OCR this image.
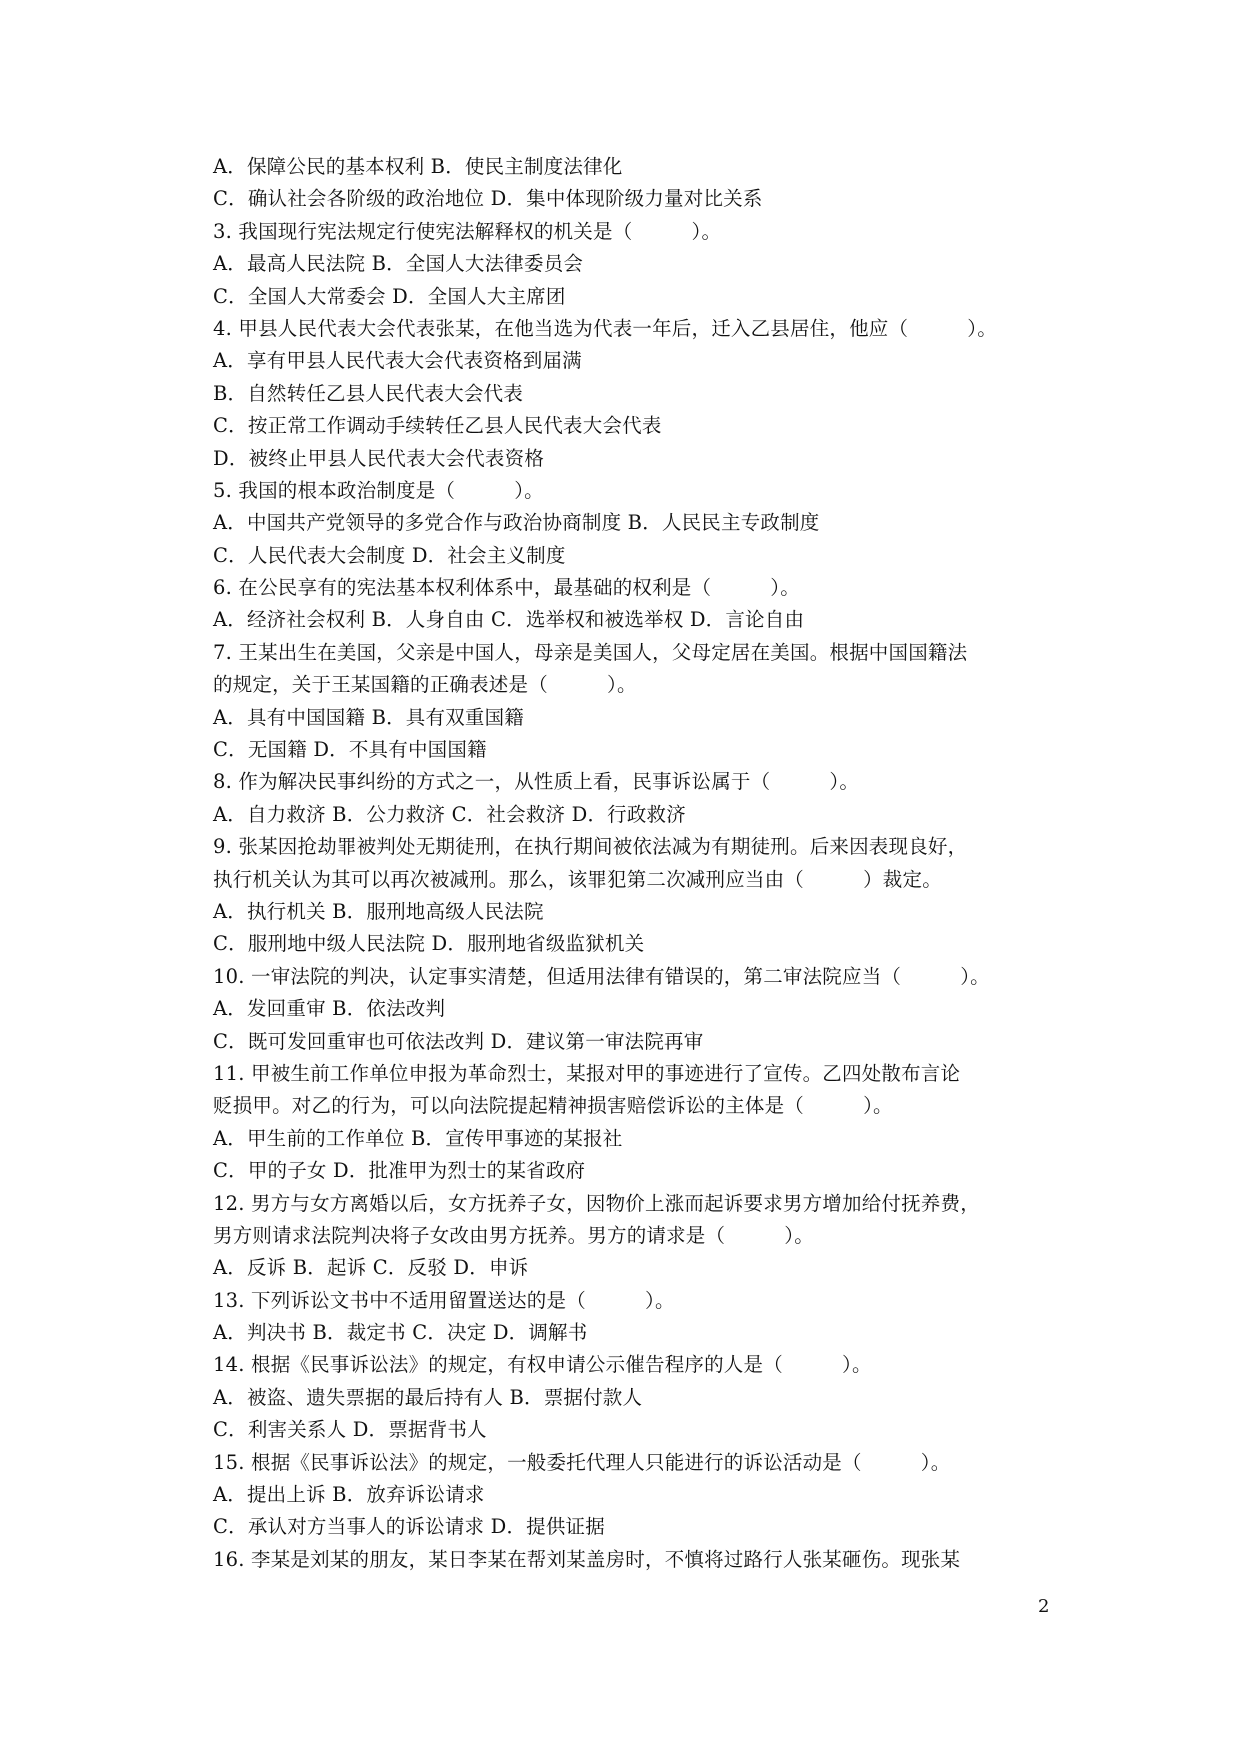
A．保障公民的基本权利 B．使民主制度法律化
C．确认社会各阶级的政治地位 D．集中体现阶级力量对比关系
3. 我国现行宪法规定行使宪法解释权的机关是（　　　）。
A．最高人民法院 B．全国人大法律委员会
C．全国人大常委会 D．全国人大主席团
4. 甲县人民代表大会代表张某，在他当选为代表一年后，迁入乙县居住，他应（　　　）。
A．享有甲县人民代表大会代表资格到届满
B．自然转任乙县人民代表大会代表
C．按正常工作调动手续转任乙县人民代表大会代表
D．被终止甲县人民代表大会代表资格
5. 我国的根本政治制度是（　　　）。
A．中国共产党领导的多党合作与政治协商制度 B．人民民主专政制度
C．人民代表大会制度 D．社会主义制度
6. 在公民享有的宪法基本权利体系中，最基础的权利是（　　　）。
A．经济社会权利 B．人身自由 C．选举权和被选举权 D．言论自由
7. 王某出生在美国，父亲是中国人，母亲是美国人，父母定居在美国。根据中国国籍法
的规定，关于王某国籍的正确表述是（　　　）。
A．具有中国国籍 B．具有双重国籍
C．无国籍 D．不具有中国国籍
8. 作为解决民事纠纷的方式之一，从性质上看，民事诉讼属于（　　　）。
A．自力救济 B．公力救济 C．社会救济 D．行政救济
9. 张某因抢劫罪被判处无期徒刑，在执行期间被依法减为有期徒刑。后来因表现良好，
执行机关认为其可以再次被减刑。那么，该罪犯第二次减刑应当由（　　　）裁定。
A．执行机关 B．服刑地高级人民法院
C．服刑地中级人民法院 D．服刑地省级监狱机关
10. 一审法院的判决，认定事实清楚，但适用法律有错误的，第二审法院应当（　　　）。
A．发回重审 B．依法改判
C．既可发回重审也可依法改判 D．建议第一审法院再审
11. 甲被生前工作单位申报为革命烈士，某报对甲的事迹进行了宣传。乙四处散布言论
贬损甲。对乙的行为，可以向法院提起精神损害赔偿诉讼的主体是（　　　）。
A．甲生前的工作单位 B．宣传甲事迹的某报社
C．甲的子女 D．批准甲为烈士的某省政府
12. 男方与女方离婚以后，女方抚养子女，因物价上涨而起诉要求男方增加给付抚养费，
男方则请求法院判决将子女改由男方抚养。男方的请求是（　　　）。
A．反诉 B．起诉 C．反驳 D．申诉
13. 下列诉讼文书中不适用留置送达的是（　　　）。
A．判决书 B．裁定书 C．决定 D．调解书
14. 根据《民事诉讼法》的规定，有权申请公示催告程序的人是（　　　）。
A．被盗、遗失票据的最后持有人 B．票据付款人
C．利害关系人 D．票据背书人
15. 根据《民事诉讼法》的规定，一般委托代理人只能进行的诉讼活动是（　　　）。
A．提出上诉 B．放弃诉讼请求
C．承认对方当事人的诉讼请求 D．提供证据
16. 李某是刘某的朋友，某日李某在帮刘某盖房时，不慎将过路行人张某砸伤。现张某
2
